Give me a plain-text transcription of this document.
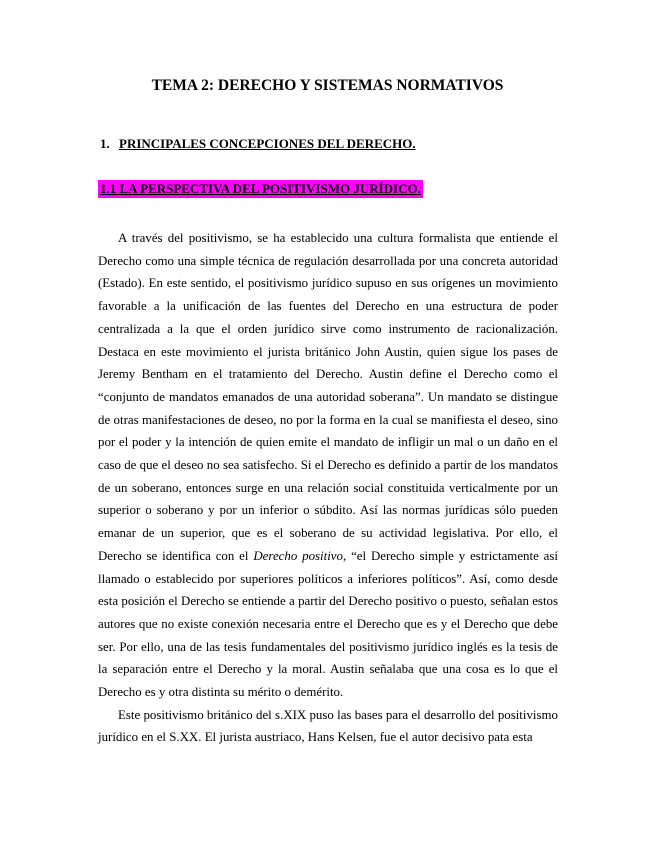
TEMA 2: DERECHO Y SISTEMAS NORMATIVOS
1. PRINCIPALES CONCEPCIONES DEL DERECHO.
1.1 LA PERSPECTIVA DEL POSITIVISMO JURÍDICO.

A través del positivismo, se ha establecido una cultura formalista que entiende el Derecho como una simple técnica de regulación desarrollada por una concreta autoridad (Estado). En este sentido, el positivismo jurídico supuso en sus orígenes un movimiento favorable a la unificación de las fuentes del Derecho en una estructura de poder centralizada a la que el orden jurídico sirve como instrumento de racionalización. Destaca en este movimiento el jurista británico John Austin, quien sigue los pases de Jeremy Bentham en el tratamiento del Derecho. Austin define el Derecho como el “conjunto de mandatos emanados de una autoridad soberana”. Un mandato se distingue de otras manifestaciones de deseo, no por la forma en la cual se manifiesta el deseo, sino por el poder y la intención de quien emite el mandato de infligir un mal o un daño en el caso de que el deseo no sea satisfecho. Si el Derecho es definido a partir de los mandatos de un soberano, entonces surge en una relación social constituida verticalmente por un superior o soberano y por un inferior o súbdito. Así las normas jurídicas sólo pueden emanar de un superior, que es el soberano de su actividad legislativa. Por ello, el Derecho se identifica con el Derecho positivo, “el Derecho simple y estrictamente así llamado o establecido por superiores políticos a inferiores políticos”. Así, como desde esta posición el Derecho se entiende a partir del Derecho positivo o puesto, señalan estos autores que no existe conexión necesaria entre el Derecho que es y el Derecho que debe ser. Por ello, una de las tesis fundamentales del positivismo jurídico inglés es la tesis de la separación entre el Derecho y la moral. Austin señalaba que una cosa es lo que el Derecho es y otra distinta su mérito o demérito.

Este positivismo británico del s.XIX puso las bases para el desarrollo del positivismo jurídico en el S.XX. El jurista austriaco, Hans Kelsen, fue el autor decisivo pata esta
